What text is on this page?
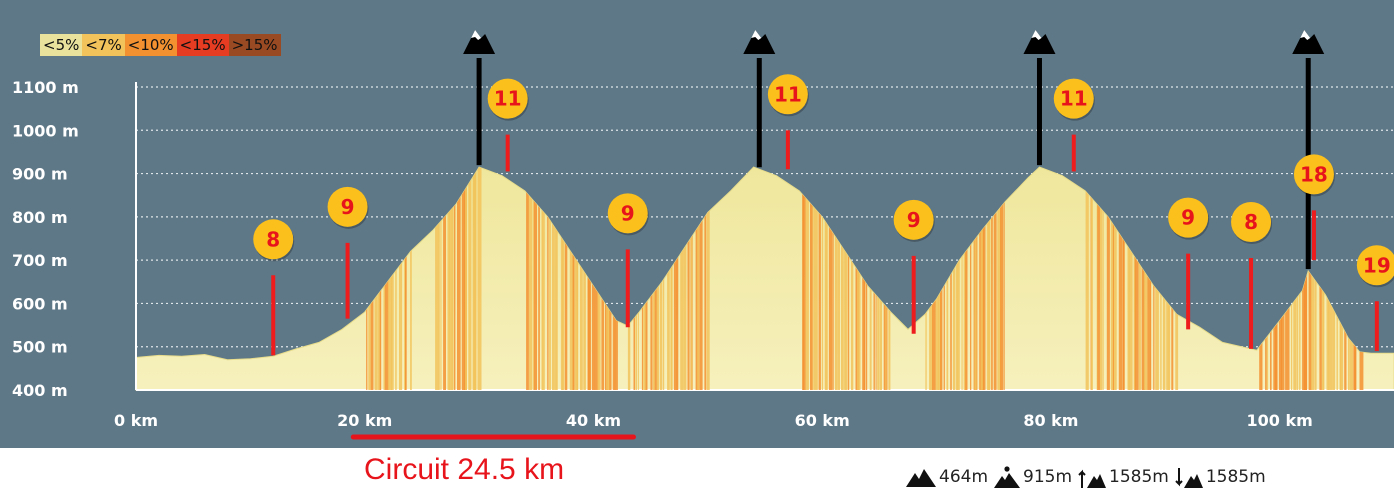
8
9
11
9
11
9
11
9 8
18
19
400 m
500 m
600 m
700 m
800 m
900 m
1000 m
1100 m
0 km	20 km	40 km	60 km	80 km	100 km
<5% <7% <10% <15% >15%
Circuit 24.5 km	464m 915m 1585m 1585m
